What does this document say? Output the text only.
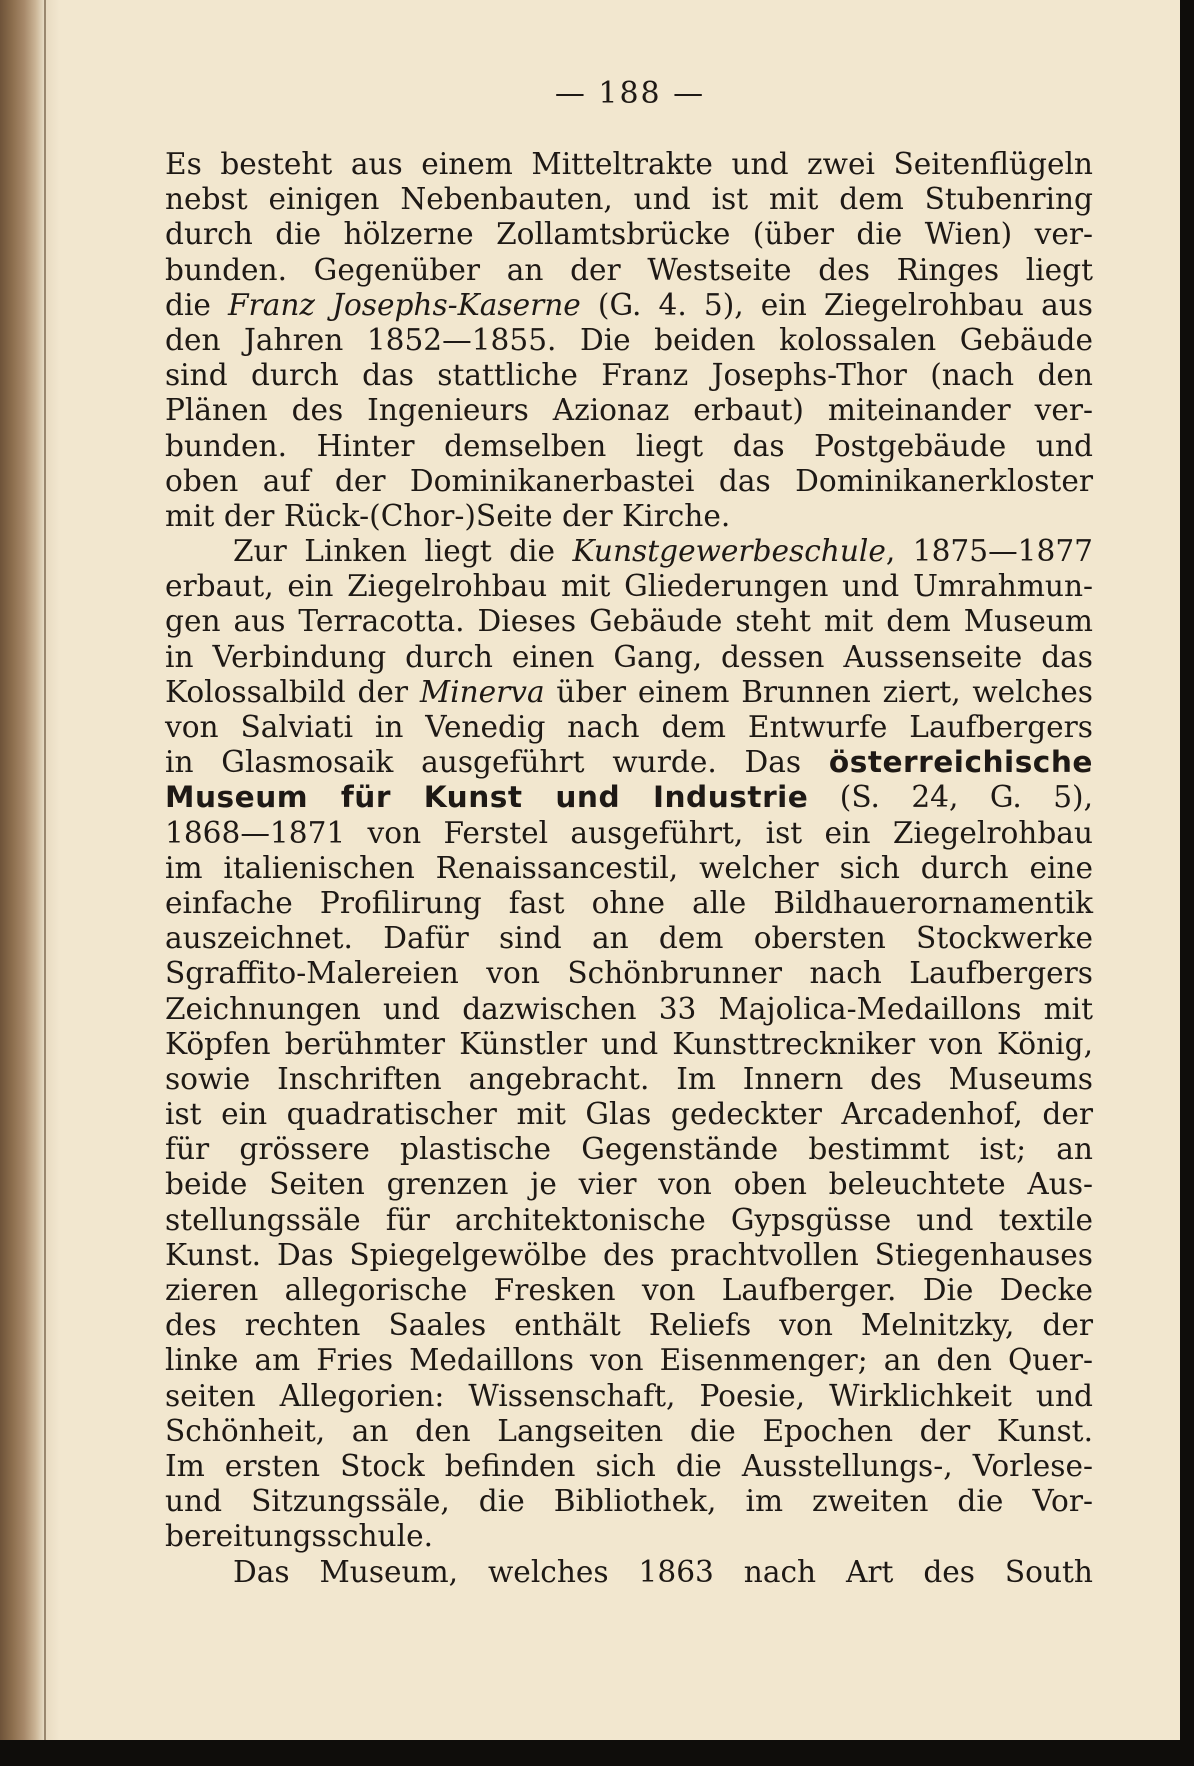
— 188 —
Es besteht aus einem Mitteltrakte und zwei Seitenflügeln
nebst einigen Nebenbauten, und ist mit dem Stubenring
durch die hölzerne Zollamtsbrücke (über die Wien) ver-
bunden. Gegenüber an der Westseite des Ringes liegt
die Franz Josephs-Kaserne (G. 4. 5), ein Ziegelrohbau aus
den Jahren 1852—1855. Die beiden kolossalen Gebäude
sind durch das stattliche Franz Josephs-Thor (nach den
Plänen des Ingenieurs Azionaz erbaut) miteinander ver-
bunden. Hinter demselben liegt das Postgebäude und
oben auf der Dominikanerbastei das Dominikanerkloster
mit der Rück-(Chor-)Seite der Kirche.
Zur Linken liegt die Kunstgewerbeschule, 1875—1877
erbaut, ein Ziegelrohbau mit Gliederungen und Umrahmun-
gen aus Terracotta. Dieses Gebäude steht mit dem Museum
in Verbindung durch einen Gang, dessen Aussenseite das
Kolossalbild der Minerva über einem Brunnen ziert, welches
von Salviati in Venedig nach dem Entwurfe Laufbergers
in Glasmosaik ausgeführt wurde. Das österreichische
Museum für Kunst und Industrie (S. 24, G. 5),
1868—1871 von Ferstel ausgeführt, ist ein Ziegelrohbau
im italienischen Renaissancestil, welcher sich durch eine
einfache Profilirung fast ohne alle Bildhauerornamentik
auszeichnet. Dafür sind an dem obersten Stockwerke
Sgraffito-Malereien von Schönbrunner nach Laufbergers
Zeichnungen und dazwischen 33 Majolica-Medaillons mit
Köpfen berühmter Künstler und Kunsttreckniker von König,
sowie Inschriften angebracht. Im Innern des Museums
ist ein quadratischer mit Glas gedeckter Arcadenhof, der
für grössere plastische Gegenstände bestimmt ist; an
beide Seiten grenzen je vier von oben beleuchtete Aus-
stellungssäle für architektonische Gypsgüsse und textile
Kunst. Das Spiegelgewölbe des prachtvollen Stiegenhauses
zieren allegorische Fresken von Laufberger. Die Decke
des rechten Saales enthält Reliefs von Melnitzky, der
linke am Fries Medaillons von Eisenmenger; an den Quer-
seiten Allegorien: Wissenschaft, Poesie, Wirklichkeit und
Schönheit, an den Langseiten die Epochen der Kunst.
Im ersten Stock befinden sich die Ausstellungs-, Vorlese-
und Sitzungssäle, die Bibliothek, im zweiten die Vor-
bereitungsschule.
Das Museum, welches 1863 nach Art des South
